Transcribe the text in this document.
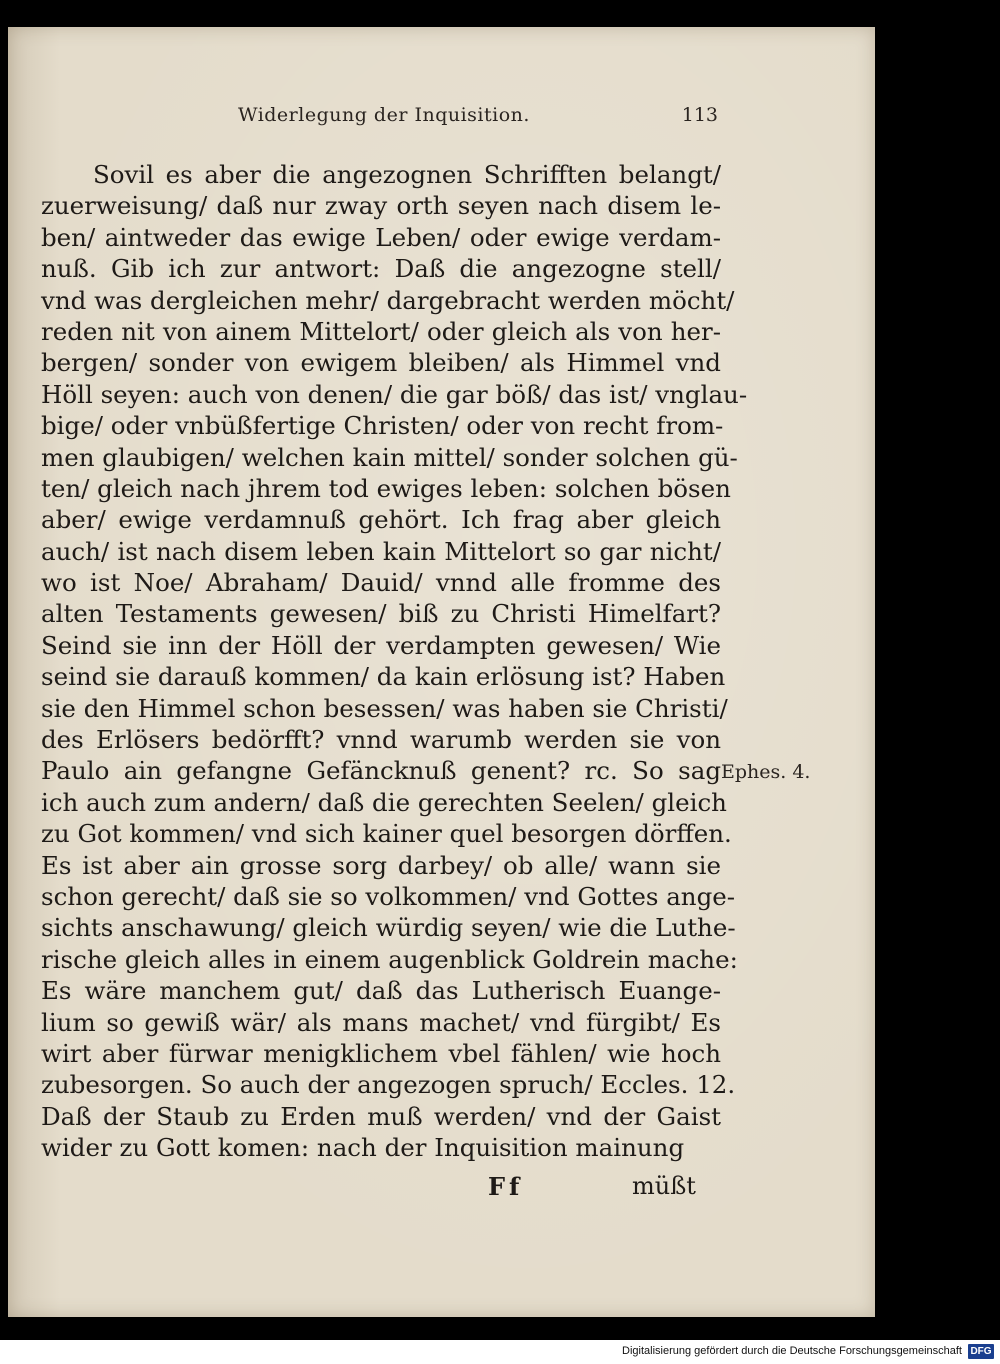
Widerlegung der Inquisition.	113
Sovil es aber die angezognen Schrifften belangt/
zuerweisung/ daß nur zway orth seyen nach disem le-
ben/ aintweder das ewige Leben/ oder ewige verdam-
nuß. Gib ich zur antwort: Daß die angezogne stell/
vnd was dergleichen mehr/ dargebracht werden möcht/
reden nit von ainem Mittelort/ oder gleich als von her-
bergen/ sonder von ewigem bleiben/ als Himmel vnd
Höll seyen: auch von denen/ die gar böß/ das ist/ vnglau-
bige/ oder vnbüßfertige Christen/ oder von recht from-
men glaubigen/ welchen kain mittel/ sonder solchen gü-
ten/ gleich nach jhrem tod ewiges leben: solchen bösen
aber/ ewige verdamnuß gehört. Ich frag aber gleich
auch/ ist nach disem leben kain Mittelort so gar nicht/
wo ist Noe/ Abraham/ Dauid/ vnnd alle fromme des
alten Testaments gewesen/ biß zu Christi Himelfart?
Seind sie inn der Höll der verdampten gewesen/ Wie
seind sie darauß kommen/ da kain erlösung ist? Haben
sie den Himmel schon besessen/ was haben sie Christi/
des Erlösers bedörfft? vnnd warumb werden sie von
Paulo ain gefangne Gefäncknuß genent? rc. So sag
ich auch zum andern/ daß die gerechten Seelen/ gleich
zu Got kommen/ vnd sich kainer quel besorgen dörffen.
Es ist aber ain grosse sorg darbey/ ob alle/ wann sie
schon gerecht/ daß sie so volkommen/ vnd Gottes ange-
sichts anschawung/ gleich würdig seyen/ wie die Luthe-
rische gleich alles in einem augenblick Goldrein mache:
Es wäre manchem gut/ daß das Lutherisch Euange-
lium so gewiß wär/ als mans machet/ vnd fürgibt/ Es
wirt aber fürwar menigklichem vbel fählen/ wie hoch
zubesorgen. So auch der angezogen spruch/ Eccles. 12.
Daß der Staub zu Erden muß werden/ vnd der Gaist
wider zu Gott komen: nach der Inquisition mainung
Ephes. 4.
Ff	müßt
Digitalisierung gefördert durch die Deutsche Forschungsgemeinschaft DFG
